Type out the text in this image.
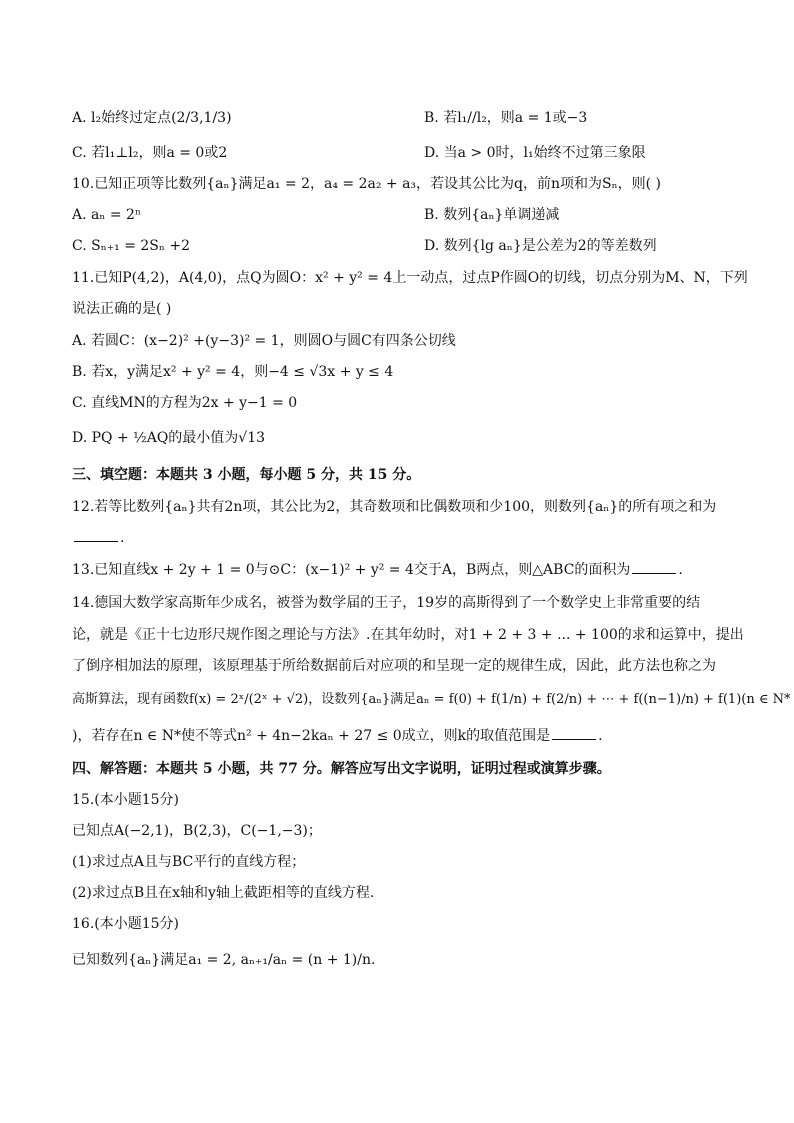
A. l₂始终过定点(2/3,1/3)	B. 若l₁//l₂，则a = 1或−3
C. 若l₁⊥l₂，则a = 0或2	D. 当a > 0时，l₁始终不过第三象限
10.已知正项等比数列{aₙ}满足a₁ = 2，a₄ = 2a₂ + a₃，若设其公比为q，前n项和为Sₙ，则( )
A. aₙ = 2ⁿ	B. 数列{aₙ}单调递减
C. Sₙ₊₁ = 2Sₙ +2	D. 数列{lg aₙ}是公差为2的等差数列
11.已知P(4,2)，A(4,0)，点Q为圆O：x² + y² = 4上一动点，过点P作圆O的切线，切点分别为M、N，下列
说法正确的是( )
A. 若圆C：(x−2)² +(y−3)² = 1，则圆O与圆C有四条公切线
B. 若x，y满足x² + y² = 4，则−4 ≤ √3x + y ≤ 4
C. 直线MN的方程为2x + y−1 = 0
D. PQ + ½AQ的最小值为√13
三、填空题：本题共 3 小题，每小题 5 分，共 15 分。
12.若等比数列{aₙ}共有2n项，其公比为2，其奇数项和比偶数项和少100，则数列{aₙ}的所有项之和为
.
13.已知直线x + 2y + 1 = 0与⊙C：(x−1)² + y² = 4交于A，B两点，则△ABC的面积为	.
14.德国大数学家高斯年少成名，被誉为数学届的王子，19岁的高斯得到了一个数学史上非常重要的结
论，就是《正十七边形尺规作图之理论与方法》.在其年幼时，对1 + 2 + 3 + ... + 100的求和运算中，提出
了倒序相加法的原理，该原理基于所给数据前后对应项的和呈现一定的规律生成，因此，此方法也称之为
高斯算法，现有函数f(x) = 2ˣ/(2ˣ + √2)，设数列{aₙ}满足aₙ = f(0) + f(1/n) + f(2/n) + ⋯ + f((n−1)/n) + f(1)(n ∈ N*
)，若存在n ∈ N*使不等式n² + 4n−2kaₙ + 27 ≤ 0成立，则k的取值范围是	.
四、解答题：本题共 5 小题，共 77 分。解答应写出文字说明，证明过程或演算步骤。
15.(本小题15分)
已知点A(−2,1)，B(2,3)，C(−1,−3)；
(1)求过点A且与BC平行的直线方程；
(2)求过点B且在x轴和y轴上截距相等的直线方程.
16.(本小题15分)
已知数列{aₙ}满足a₁ = 2, aₙ₊₁/aₙ = (n + 1)/n.
